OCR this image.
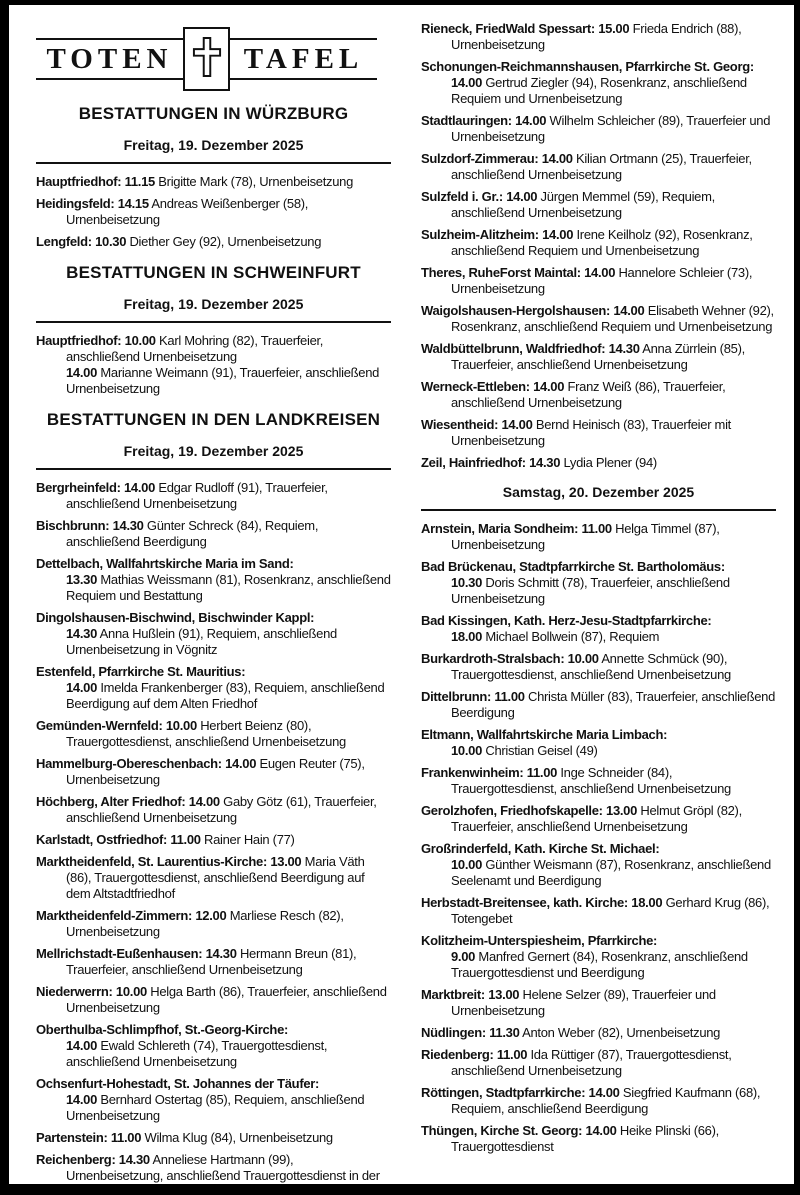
TOTEN	TAFEL
BESTATTUNGEN IN WÜRZBURG
Freitag, 19. Dezember 2025

Hauptfriedhof: 11.15 Brigitte Mark (78), Urnenbeisetzung

Heidingsfeld: 14.15 Andreas Weißenberger (58), Urnenbeisetzung

Lengfeld: 10.30 Diether Gey (92), Urnenbeisetzung

BESTATTUNGEN IN SCHWEINFURT
Freitag, 19. Dezember 2025

Hauptfriedhof: 10.00 Karl Mohring (82), Trauerfeier, anschließend Urnenbeisetzung
14.00 Marianne Weimann (91), Trauerfeier, anschließend Urnenbeisetzung

BESTATTUNGEN IN DEN LANDKREISEN
Freitag, 19. Dezember 2025

Bergrheinfeld: 14.00 Edgar Rudloff (91), Trauerfeier, anschließend Urnenbeisetzung

Bischbrunn: 14.30 Günter Schreck (84), Requiem, anschließend Beerdigung

Dettelbach, Wallfahrtskirche Maria im Sand:
13.30 Mathias Weissmann (81), Rosenkranz, anschließend Requiem und Bestattung

Dingolshausen-Bischwind, Bischwinder Kappl:
14.30 Anna Hußlein (91), Requiem, anschließend Urnenbeisetzung in Vögnitz

Estenfeld, Pfarrkirche St. Mauritius:
14.00 Imelda Frankenberger (83), Requiem, anschließend Beerdigung auf dem Alten Friedhof

Gemünden-Wernfeld: 10.00 Herbert Beienz (80), Trauergottesdienst, anschließend Urnenbeisetzung

Hammelburg-Obereschenbach: 14.00 Eugen Reuter (75), Urnenbeisetzung

Höchberg, Alter Friedhof: 14.00 Gaby Götz (61), Trauerfeier, anschließend Urnenbeisetzung

Karlstadt, Ostfriedhof: 11.00 Rainer Hain (77)

Marktheidenfeld, St. Laurentius-Kirche: 13.00 Maria Väth (86), Trauergottesdienst, anschließend Beerdigung auf dem Altstadtfriedhof

Marktheidenfeld-Zimmern: 12.00 Marliese Resch (82), Urnenbeisetzung

Mellrichstadt-Eußenhausen: 14.30 Hermann Breun (81), Trauerfeier, anschließend Urnenbeisetzung

Niederwerrn: 10.00 Helga Barth (86), Trauerfeier, anschließend Urnenbeisetzung

Oberthulba-Schlimpfhof, St.-Georg-Kirche:
14.00 Ewald Schlereth (74), Trauergottesdienst, anschließend Urnenbeisetzung

Ochsenfurt-Hohestadt, St. Johannes der Täufer:
14.00 Bernhard Ostertag (85), Requiem, anschließend Urnenbeisetzung

Partenstein: 11.00 Wilma Klug (84), Urnenbeisetzung

Reichenberg: 14.30 Anneliese Hartmann (99), Urnenbeisetzung, anschließend Trauergottesdienst in der ev. Kirche

Rieneck, FriedWald Spessart: 15.00 Frieda Endrich (88), Urnenbeisetzung

Schonungen-Reichmannshausen, Pfarrkirche St. Georg:
14.00 Gertrud Ziegler (94), Rosenkranz, anschließend Requiem und Urnenbeisetzung

Stadtlauringen: 14.00 Wilhelm Schleicher (89), Trauerfeier und Urnenbeisetzung

Sulzdorf-Zimmerau: 14.00 Kilian Ortmann (25), Trauerfeier, anschließend Urnenbeisetzung

Sulzfeld i. Gr.: 14.00 Jürgen Memmel (59), Requiem, anschließend Urnenbeisetzung

Sulzheim-Alitzheim: 14.00 Irene Keilholz (92), Rosenkranz, anschließend Requiem und Urnenbeisetzung

Theres, RuheForst Maintal: 14.00 Hannelore Schleier (73), Urnenbeisetzung

Waigolshausen-Hergolshausen: 14.00 Elisabeth Wehner (92), Rosenkranz, anschließend Requiem und Urnenbeisetzung

Waldbüttelbrunn, Waldfriedhof: 14.30 Anna Zürrlein (85), Trauerfeier, anschließend Urnenbeisetzung

Werneck-Ettleben: 14.00 Franz Weiß (86), Trauerfeier, anschließend Urnenbeisetzung

Wiesentheid: 14.00 Bernd Heinisch (83), Trauerfeier mit Urnenbeisetzung

Zeil, Hainfriedhof: 14.30 Lydia Plener (94)

Samstag, 20. Dezember 2025

Arnstein, Maria Sondheim: 11.00 Helga Timmel (87), Urnenbeisetzung

Bad Brückenau, Stadtpfarrkirche St. Bartholomäus:
10.30 Doris Schmitt (78), Trauerfeier, anschließend Urnenbeisetzung

Bad Kissingen, Kath. Herz-Jesu-Stadtpfarrkirche:
18.00 Michael Bollwein (87), Requiem

Burkardroth-Stralsbach: 10.00 Annette Schmück (90), Trauergottesdienst, anschließend Urnenbeisetzung

Dittelbrunn: 11.00 Christa Müller (83), Trauerfeier, anschließend Beerdigung

Eltmann, Wallfahrtskirche Maria Limbach:
10.00 Christian Geisel (49)

Frankenwinheim: 11.00 Inge Schneider (84), Trauergottesdienst, anschließend Urnenbeisetzung

Gerolzhofen, Friedhofskapelle: 13.00 Helmut Gröpl (82), Trauerfeier, anschließend Urnenbeisetzung

Großrinderfeld, Kath. Kirche St. Michael:
10.00 Günther Weismann (87), Rosenkranz, anschließend Seelenamt und Beerdigung

Herbstadt-Breitensee, kath. Kirche: 18.00 Gerhard Krug (86), Totengebet

Kolitzheim-Unterspiesheim, Pfarrkirche:
9.00 Manfred Gernert (84), Rosenkranz, anschließend Trauergottesdienst und Beerdigung

Marktbreit: 13.00 Helene Selzer (89), Trauerfeier und Urnenbeisetzung

Nüdlingen: 11.30 Anton Weber (82), Urnenbeisetzung

Riedenberg: 11.00 Ida Rüttiger (87), Trauergottesdienst, anschließend Urnenbeisetzung

Röttingen, Stadtpfarrkirche: 14.00 Siegfried Kaufmann (68), Requiem, anschließend Beerdigung

Thüngen, Kirche St. Georg: 14.00 Heike Plinski (66), Trauergottesdienst
